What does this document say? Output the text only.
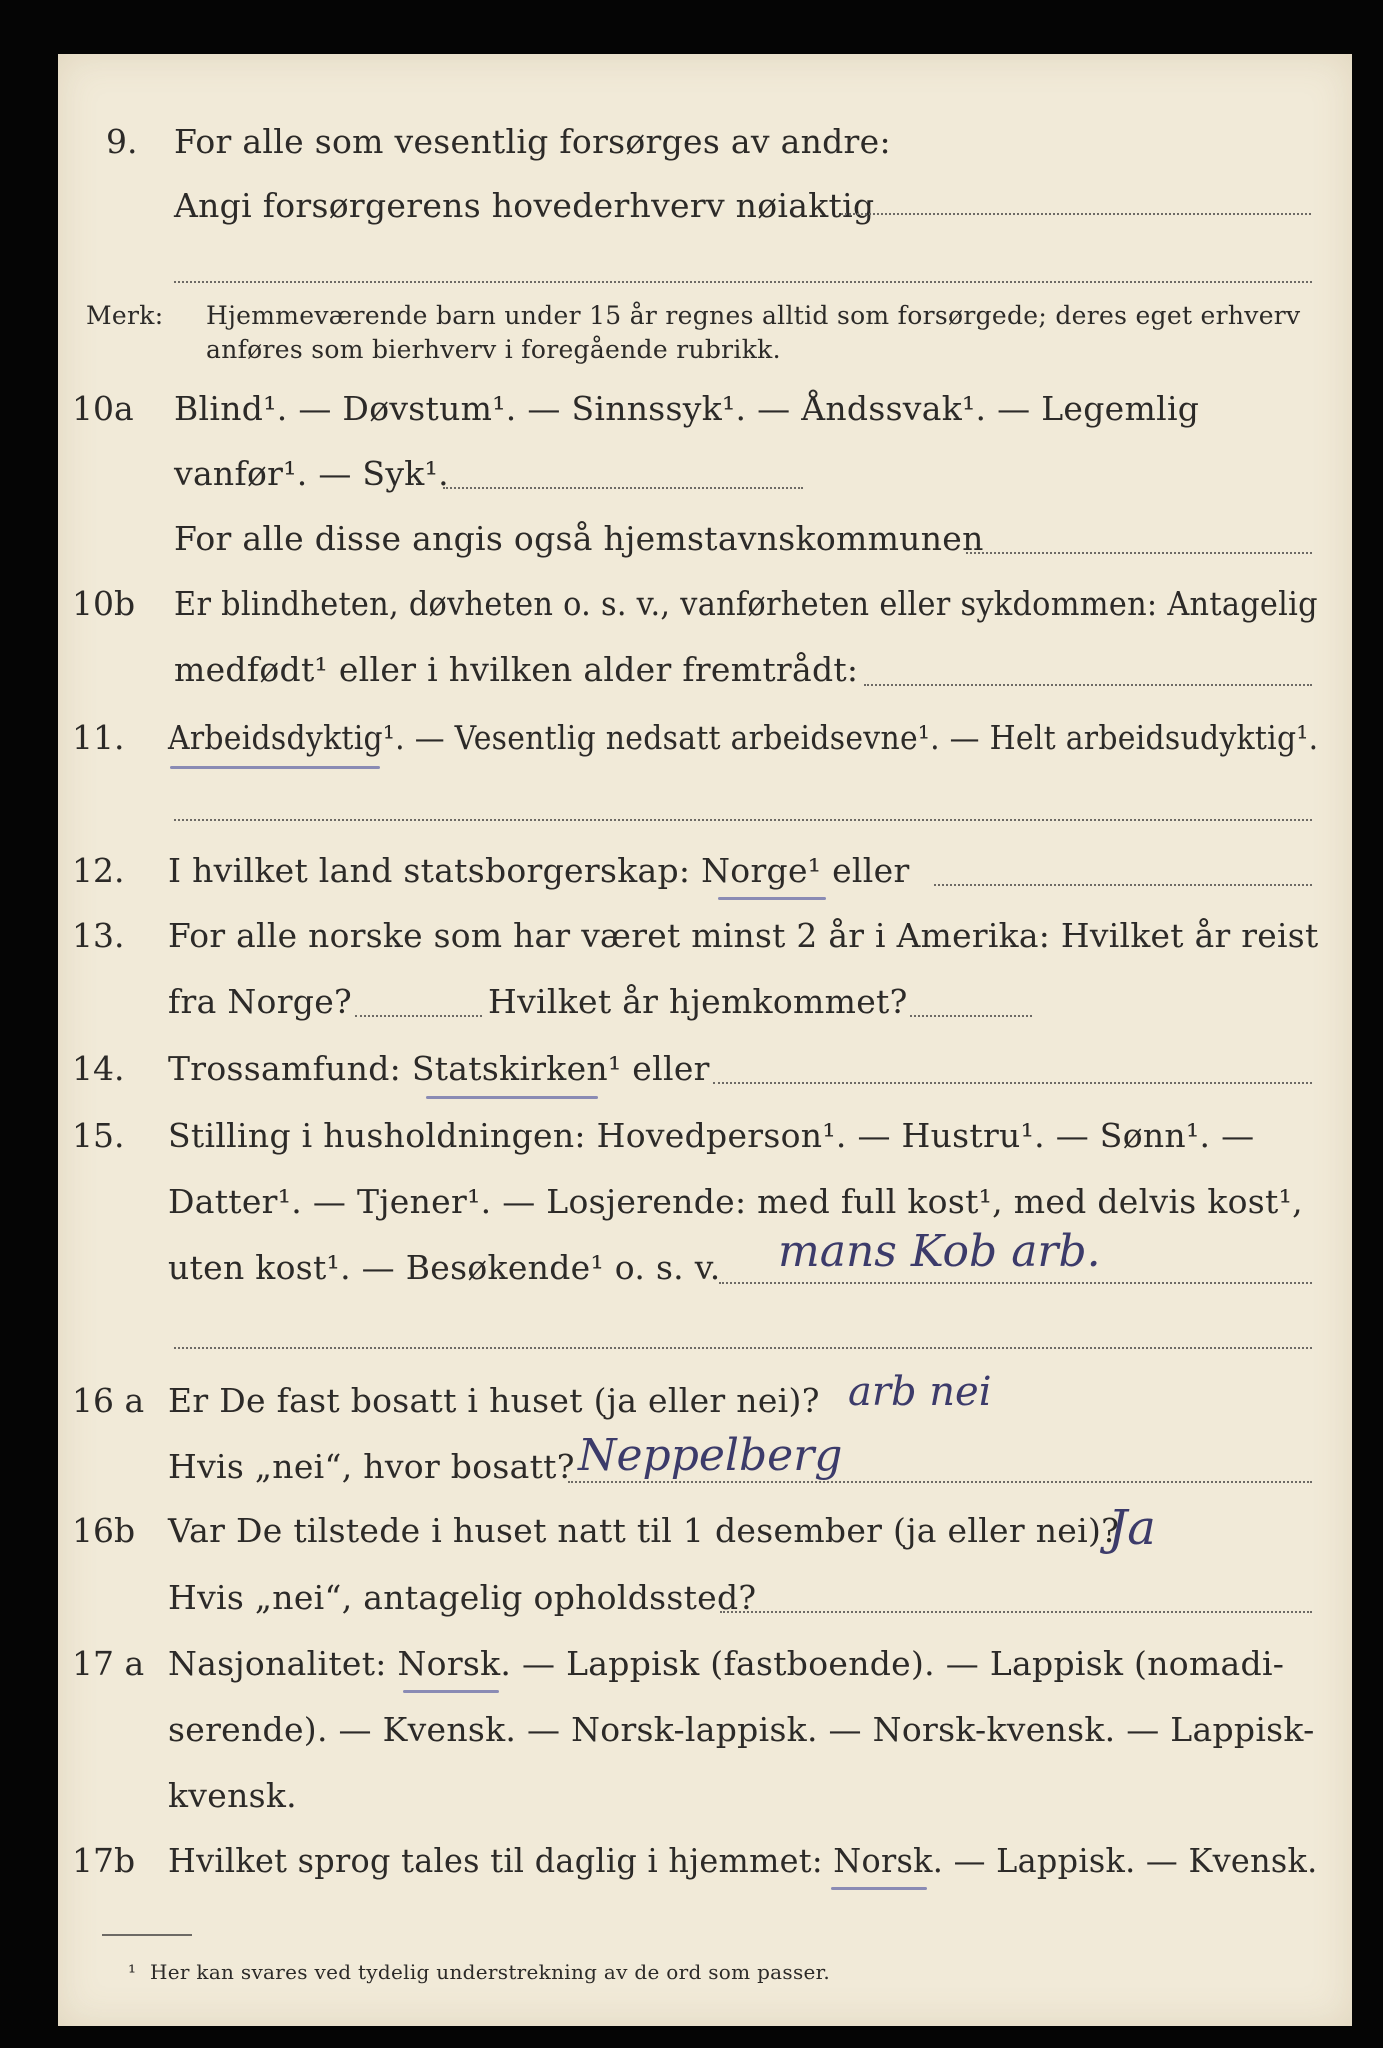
9. For alle som vesentlig forsørges av andre:
Angi forsørgerens hovederhverv nøiaktig
Merk: Hjemmeværende barn under 15 år regnes alltid som forsørgede; deres eget erhverv
anføres som bierhverv i foregående rubrikk.
10a Blind¹. — Døvstum¹. — Sinnssyk¹. — Åndssvak¹. — Legemlig
vanfør¹. — Syk¹.
For alle disse angis også hjemstavnskommunen
10b Er blindheten, døvheten o. s. v., vanførheten eller sykdommen: Antagelig
medfødt¹ eller i hvilken alder fremtrådt:
11. Arbeidsdyktig¹. — Vesentlig nedsatt arbeidsevne¹. — Helt arbeidsudyktig¹.
12. I hvilket land statsborgerskap: Norge¹ eller
13. For alle norske som har været minst 2 år i Amerika: Hvilket år reist
fra Norge?	Hvilket år hjemkommet?
14. Trossamfund: Statskirken¹ eller
15. Stilling i husholdningen: Hovedperson¹. — Hustru¹. — Sønn¹. —
Datter¹. — Tjener¹. — Losjerende: med full kost¹, med delvis kost¹,
uten kost¹. — Besøkende¹ o. s. v. mans Kob arb.
16 a Er De fast bosatt i huset (ja eller nei)? arb nei
Hvis „nei“, hvor bosatt? Neppelberg
16b Var De tilstede i huset natt til 1 desember (ja eller nei)?
Ja
Hvis „nei“, antagelig opholdssted?
17 a Nasjonalitet: Norsk. — Lappisk (fastboende). — Lappisk (nomadi-
serende). — Kvensk. — Norsk-lappisk. — Norsk-kvensk. — Lappisk-
kvensk.
17b Hvilket sprog tales til daglig i hjemmet: Norsk. — Lappisk. — Kvensk.
¹ Her kan svares ved tydelig understrekning av de ord som passer.
